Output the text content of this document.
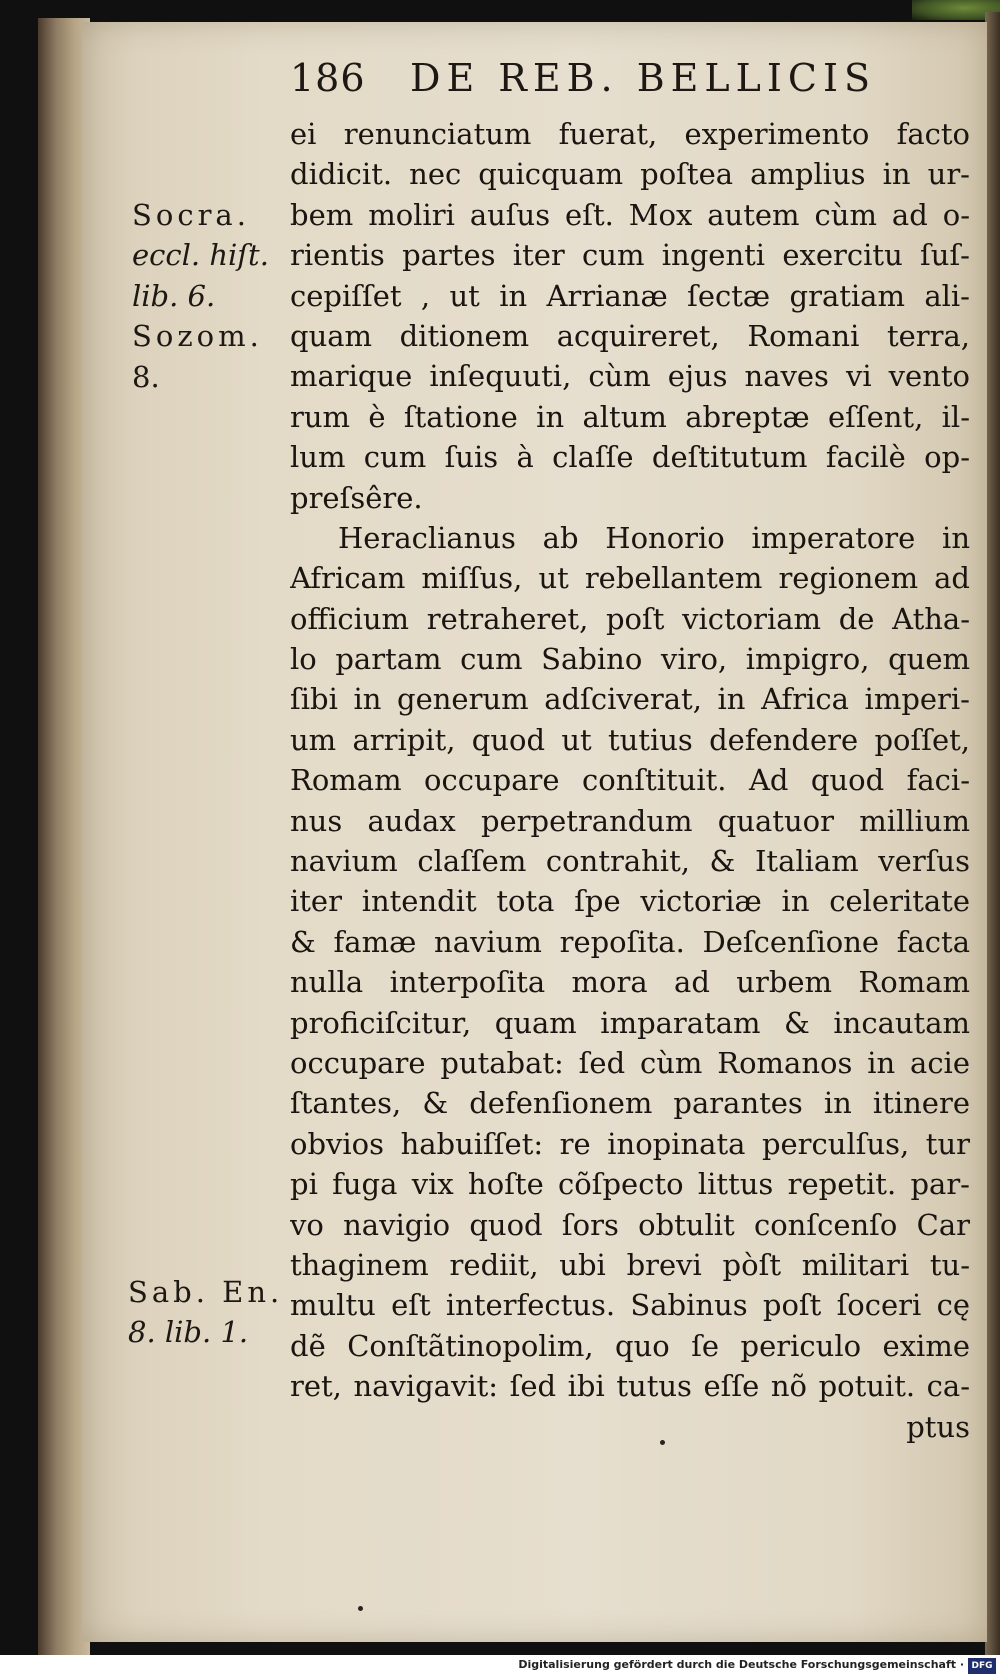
186 DE REB. BELLICIS
Socra.
eccl. hiſt.
lib. 6.
Sozom.
8.
Sab. En.
8. lib. 1.
ei renunciatum fuerat, experimento facto
didicit. nec quicquam poſtea amplius in ur-
bem moliri auſus eſt. Mox autem cùm ad o-
rientis partes iter cum ingenti exercitu ſuſ-
cepiſſet , ut in Arrianæ ſectæ gratiam ali-
quam ditionem acquireret, Romani terra,
marique inſequuti, cùm ejus naves vi vento
rum è ſtatione in altum abreptæ eſſent, il-
lum cum ſuis à claſſe deſtitutum facilè op-
preſsêre.
Heraclianus ab Honorio imperatore in
Africam miſſus, ut rebellantem regionem ad
officium retraheret, poſt victoriam de Atha-
lo partam cum Sabino viro, impigro, quem
ſibi in generum adſciverat, in Africa imperi-
um arripit, quod ut tutius defendere poſſet,
Romam occupare conſtituit. Ad quod faci-
nus audax perpetrandum quatuor millium
navium claſſem contrahit, & Italiam verſus
iter intendit tota ſpe victoriæ in celeritate
& famæ navium repoſita. Deſcenſione facta
nulla interpoſita mora ad urbem Romam
proficiſcitur, quam imparatam & incautam
occupare putabat: ſed cùm Romanos in acie
ſtantes, & defenſionem parantes in itinere
obvios habuiſſet: re inopinata perculſus, tur
pi fuga vix hoſte cõſpecto littus repetit. par-
vo navigio quod ſors obtulit conſcenſo Car
thaginem rediit, ubi brevi pòſt militari tu-
multu eſt interfectus. Sabinus poſt ſoceri cę
dẽ Conſtãtinopolim, quo ſe periculo exime
ret, navigavit: ſed ibi tutus eſſe nõ potuit. ca-
ptus
Digitalisierung gefördert durch die Deutsche Forschungsgemeinschaft · DFG
